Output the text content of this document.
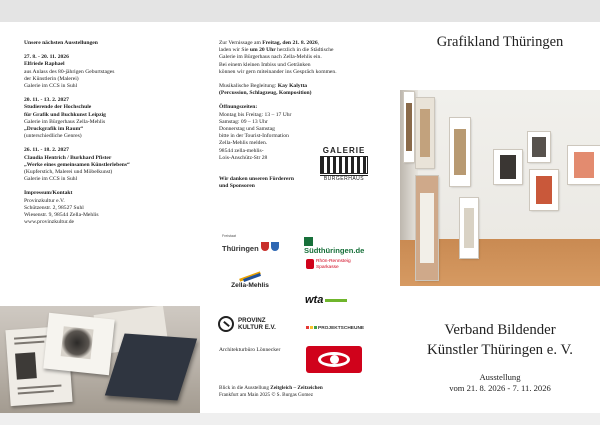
Unsere nächsten Ausstellungen
27. 8. - 20. 11. 2026
Elfriede Raphael
aus Anlass des 80-jährigen Geburtstages
der Künstlerin (Malerei)
Galerie im CCS in Suhl
20. 11. - 13. 2. 2027
Studierende der Hochschule
für Grafik und Buchkunst Leipzig
Galerie im Bürgerhaus Zella-Mehlis
„Druckgrafik im Raum“
(unterschiedliche Genres)
26. 11. - 18. 2. 2027
Claudia Hentrich / Burkhard Pfister
„Werke eines gemeinsamen Künstlerlebens“
(Kupferstich, Malerei und Möbelkunst)
Galerie im CCS in Suhl
Impressum/Kontakt
Provinzkultur e.V.
Schützenstr. 2, 98527 Suhl
Wiesenstr. 9, 98544 Zella-Mehlis
www.provinzkultur.de
Zur Vernissage am Freitag, den 21. 8. 2026,
laden wir Sie um 20 Uhr herzlich in die Städtische
Galerie im Bürgerhaus nach Zella-Mehlis ein.
Bei einem kleinen Imbiss und Getränken
können wir gern miteinander ins Gespräch kommen.
Musikalische Begleitung: Kay Kalytta
(Percussion, Schlagzeug, Komposition)
Öffnungszeiten:
Montag bis Freitag: 13 – 17 Uhr
Samstag: 09 – 13 Uhr
Donnerstag und Samstag
bitte in der Tourist-Information
Zella-Mehlis melden.
98544 zella-mehlis-
Lois-Anschütz-Str 28
Wir danken unseren Förderern
und Sponsoren
GALERIE
BÜRGERHAUS
Freistaat
Thüringen	Südthüringen.de
Rhön-Rennsteig
Sparkasse
Zella-Mehlis
wta
PROVINZ
KULTUR E.V.	PROJEKTSCHEUNE
Architekturbüro Lönnecker
Blick in die Ausstellung Zeitgleich – Zeitzeichen
Frankfurt am Main 2025 © S. Burgas Gomez
Grafikland Thüringen
Verband Bildender
Künstler Thüringen e. V.
Ausstellung
vom 21. 8. 2026 - 7. 11. 2026
